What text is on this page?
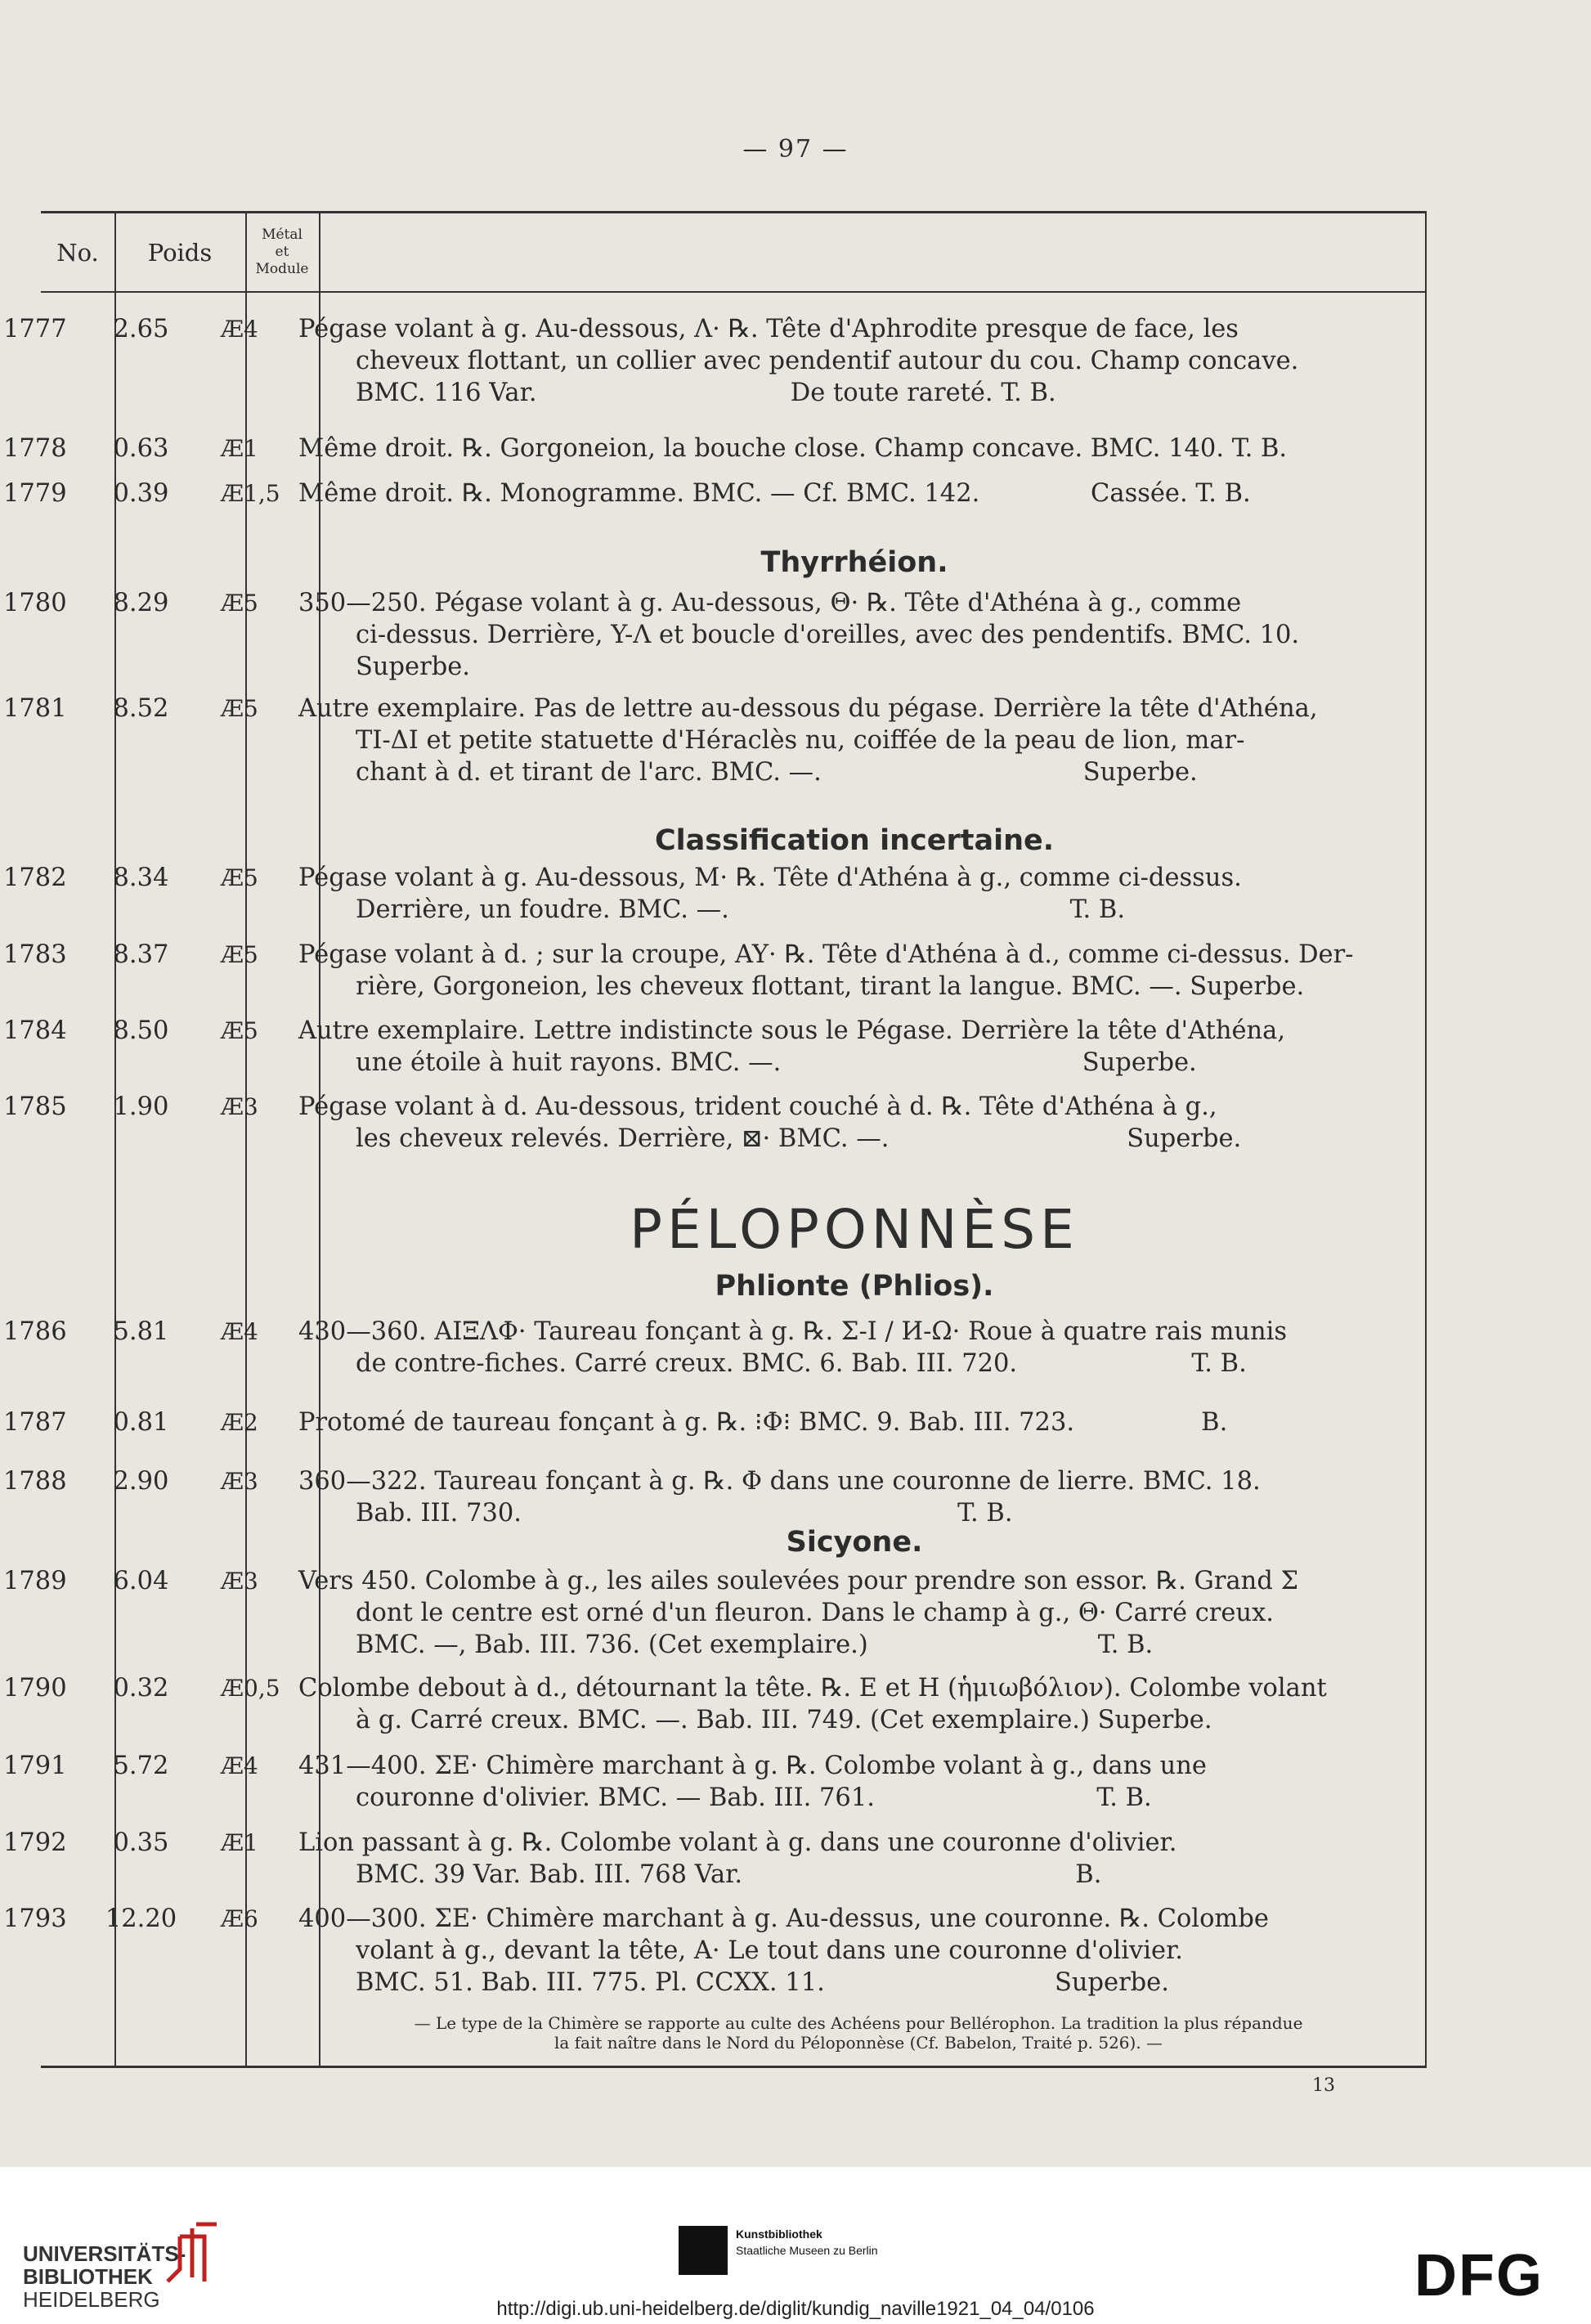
— 97 —
No.	Poids
Métal
et
Module
1777	2.65	Æ4	Pégase volant à g. Au-dessous, Λ· ℞. Tête d'Aphrodite presque de face, les
cheveux flottant, un collier avec pendentif autour du cou. Champ concave.
BMC. 116 Var.                                De toute rareté. T. B.
1778	0.63	Æ1	Même droit. ℞. Gorgoneion, la bouche close. Champ concave. BMC. 140. T. B.
1779	0.39	Æ1,5 Même droit. ℞. Monogramme. BMC. — Cf. BMC. 142.              Cassée. T. B.
1780	8.29	Æ5	350—250. Pégase volant à g. Au-dessous, Θ· ℞. Tête d'Athéna à g., comme
ci-dessus. Derrière, Y-Λ et boucle d'oreilles, avec des pendentifs. BMC. 10.
Superbe.
1781	8.52	Æ5	Autre exemplaire. Pas de lettre au-dessous du pégase. Derrière la tête d'Athéna,
TI-ΔI et petite statuette d'Héraclès nu, coiffée de la peau de lion, mar-
chant à d. et tirant de l'arc. BMC. —.                                 Superbe.
1782	8.34	Æ5	Pégase volant à g. Au-dessous, M· ℞. Tête d'Athéna à g., comme ci-dessus.
Derrière, un foudre. BMC. —.                                           T. B.
1783	8.37	Æ5	Pégase volant à d. ; sur la croupe, AY· ℞. Tête d'Athéna à d., comme ci-dessus. Der-
rière, Gorgoneion, les cheveux flottant, tirant la langue. BMC. —. Superbe.
1784	8.50	Æ5	Autre exemplaire. Lettre indistincte sous le Pégase. Derrière la tête d'Athéna,
une étoile à huit rayons. BMC. —.                                      Superbe.
1785	1.90	Æ3	Pégase volant à d. Au-dessous, trident couché à d. ℞. Tête d'Athéna à g.,
les cheveux relevés. Derrière, ⊠· BMC. —.                              Superbe.
1786	5.81	Æ4	430—360. AIΞΛΦ· Taureau fonçant à g. ℞. Σ-I / И-Ω· Roue à quatre rais munis
de contre-fiches. Carré creux. BMC. 6. Bab. III. 720.                      T. B.
1787	0.81	Æ2	Protomé de taureau fonçant à g. ℞. ⁝Φ⁝ BMC. 9. Bab. III. 723.                B.
1788	2.90	Æ3	360—322. Taureau fonçant à g. ℞. Φ dans une couronne de lierre. BMC. 18.
Bab. III. 730.                                                       T. B.
1789	6.04	Æ3	Vers 450. Colombe à g., les ailes soulevées pour prendre son essor. ℞. Grand Σ
dont le centre est orné d'un fleuron. Dans le champ à g., Θ· Carré creux.
BMC. —, Bab. III. 736. (Cet exemplaire.)                             T. B.
1790	0.32	Æ0,5 Colombe debout à d., détournant la tête. ℞. E et H (ἡμιωβόλιον). Colombe volant
à g. Carré creux. BMC. —. Bab. III. 749. (Cet exemplaire.) Superbe.
1791	5.72	Æ4	431—400. ΣΕ· Chimère marchant à g. ℞. Colombe volant à g., dans une
couronne d'olivier. BMC. — Bab. III. 761.                            T. B.
1792	0.35	Æ1	Lion passant à g. ℞. Colombe volant à g. dans une couronne d'olivier.
BMC. 39 Var. Bab. III. 768 Var.                                          B.
1793	12.20	Æ6	400—300. ΣΕ· Chimère marchant à g. Au-dessus, une couronne. ℞. Colombe
volant à g., devant la tête, A· Le tout dans une couronne d'olivier.
BMC. 51. Bab. III. 775. Pl. CCXX. 11.                             Superbe.
Thyrrhéion.
Classification incertaine.
PÉLOPONNÈSE
Phlionte (Phlios).
Sicyone.
— Le type de la Chimère se rapporte au culte des Achéens pour Bellérophon. La tradition la plus répandue
la fait naître dans le Nord du Péloponnèse (Cf. Babelon, Traité p. 526). —
13
UNIVERSITÄTS-
BIBLIOTHEK
HEIDELBERG
Kunstbibliothek
Staatliche Museen zu Berlin	DFG
http://digi.ub.uni-heidelberg.de/diglit/kundig_naville1921_04_04/0106
